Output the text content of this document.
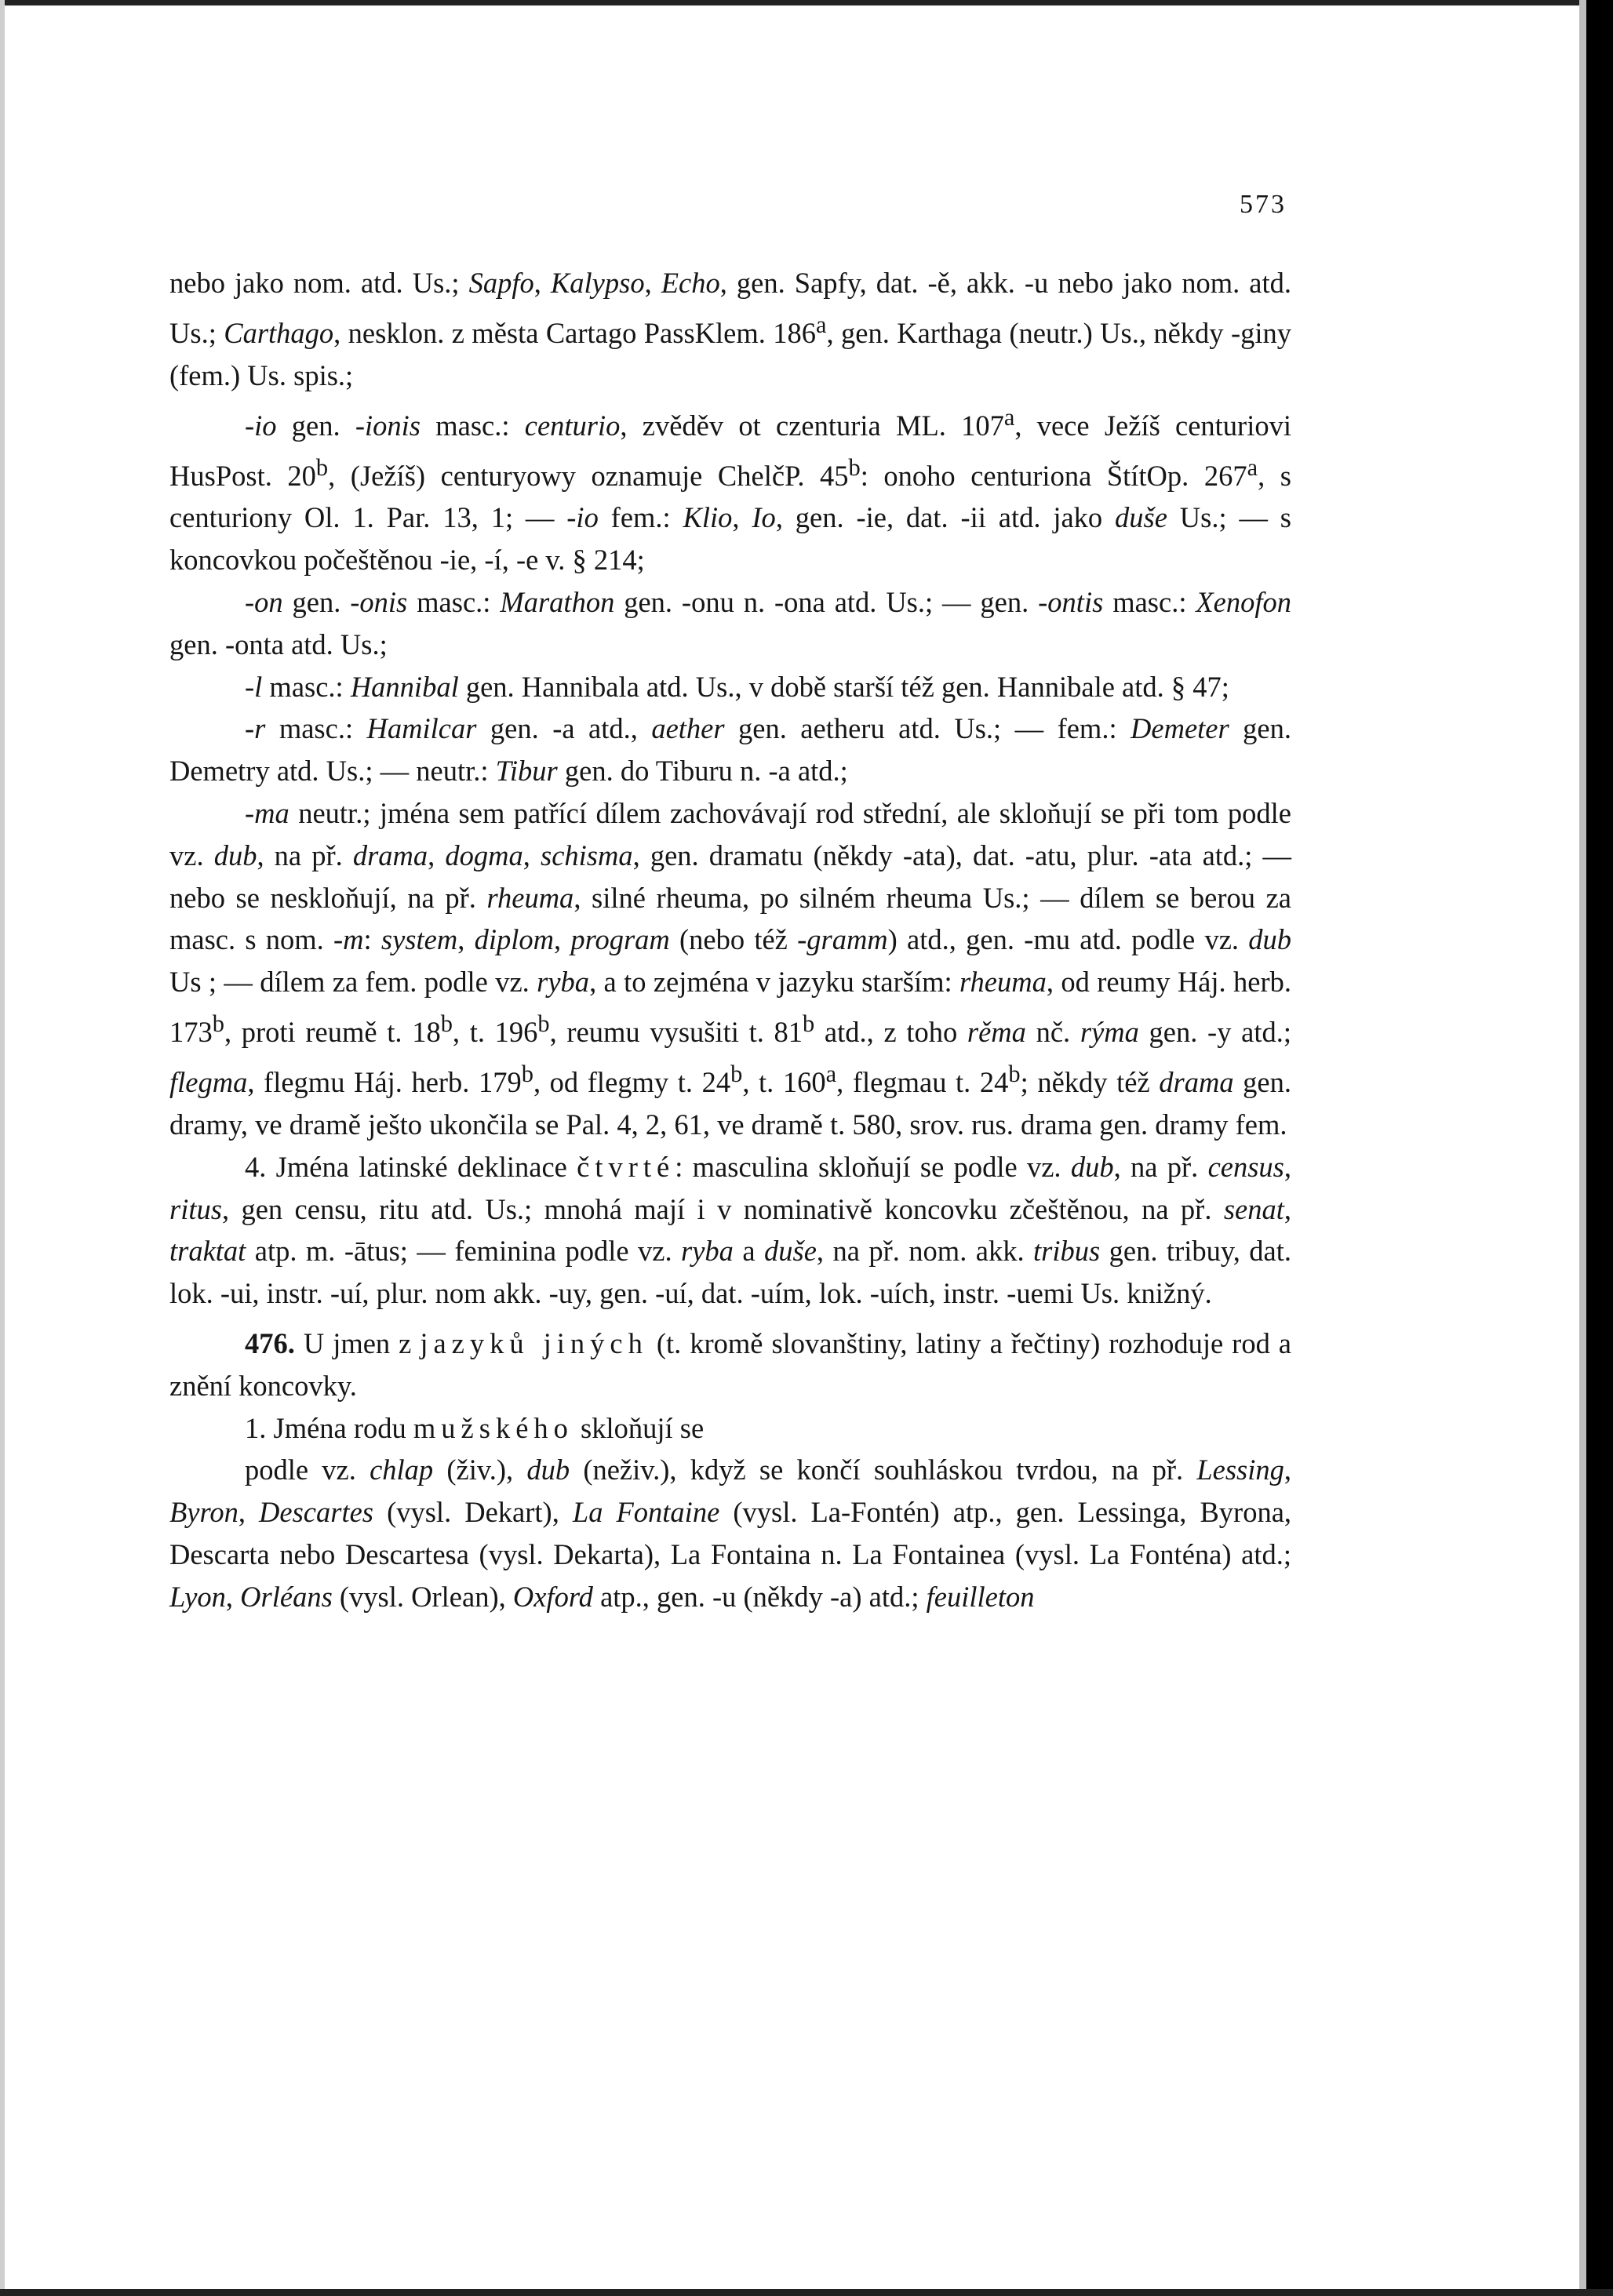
573

nebo jako nom. atd. Us.; Sapfo, Kalypso, Echo, gen. Sapfy, dat. -ě, akk. -u nebo jako nom. atd. Us.; Carthago, nesklon. z města Cartago PassKlem. 186$^a$, gen. Karthaga (neutr.) Us., někdy -giny (fem.) Us. spis.;

-io gen. -ionis masc.: centurio, zvěděv ot czenturia ML. 107$^a$, vece Ježíš centuriovi HusPost. 20$^b$, (Ježíš) centuryowy oznamuje ChelčP. 45$^b$: onoho centuriona ŠtítOp. 267$^a$, s centuriony Ol. 1. Par. 13, 1; — -io fem.: Klio, Io, gen. -ie, dat. -ii atd. jako duše Us.; — s koncovkou počeštěnou -ie, -í, -e v. § 214;

-on gen. -onis masc.: Marathon gen. -onu n. -ona atd. Us.; — gen. -ontis masc.: Xenofon gen. -onta atd. Us.;

-l masc.: Hannibal gen. Hannibala atd. Us., v době starší též gen. Hannibale atd. § 47;

-r masc.: Hamilcar gen. -a atd., aether gen. aetheru atd. Us.; — fem.: Demeter gen. Demetry atd. Us.; — neutr.: Tibur gen. do Tiburu n. -a atd.;

-ma neutr.; jména sem patřící dílem zachovávají rod střední, ale skloňují se při tom podle vz. dub, na př. drama, dogma, schisma, gen. dramatu (někdy -ata), dat. -atu, plur. -ata atd.; — nebo se neskloňují, na př. rheuma, silné rheuma, po silném rheuma Us.; — dílem se berou za masc. s nom. -m: system, diplom, program (nebo též -gramm) atd., gen. -mu atd. podle vz. dub Us ; — dílem za fem. podle vz. ryba, a to zejména v jazyku starším: rheuma, od reumy Háj. herb. 173$^b$, proti reumě t. 18$^b$, t. 196$^b$, reumu vysušiti t. 81$^b$ atd., z toho rěma nč. rýma gen. -y atd.; flegma, flegmu Háj. herb. 179$^b$, od flegmy t. 24$^b$, t. 160$^a$, flegmau t. 24$^b$; někdy též drama gen. dramy, ve dramě ješto ukončila se Pal. 4, 2, 61, ve dramě t. 580, srov. rus. drama gen. dramy fem.

4. Jména latinské deklinace čtvrté: masculina skloňují se podle vz. dub, na př. census, ritus, gen censu, ritu atd. Us.; mnohá mají i v nominativě koncovku zčeštěnou, na př. senat, traktat atp. m. -ātus; — feminina podle vz. ryba a duše, na př. nom. akk. tribus gen. tribuy, dat. lok. -ui, instr. -uí, plur. nom akk. -uy, gen. -uí, dat. -uím, lok. -uích, instr. -uemi Us. knižný.

476. U jmen z jazyků jiných (t. kromě slovanštiny, latiny a řečtiny) rozhoduje rod a znění koncovky.

1. Jména rodu mužského skloňují se

podle vz. chlap (živ.), dub (neživ.), když se končí souhláskou tvrdou, na př. Lessing, Byron, Descartes (vysl. Dekart), La Fontaine (vysl. La-Fontén) atp., gen. Lessinga, Byrona, Descarta nebo Descartesa (vysl. Dekarta), La Fontaina n. La Fontainea (vysl. La Fonténa) atd.; Lyon, Orléans (vysl. Orlean), Oxford atp., gen. -u (někdy -a) atd.; feuilleton
